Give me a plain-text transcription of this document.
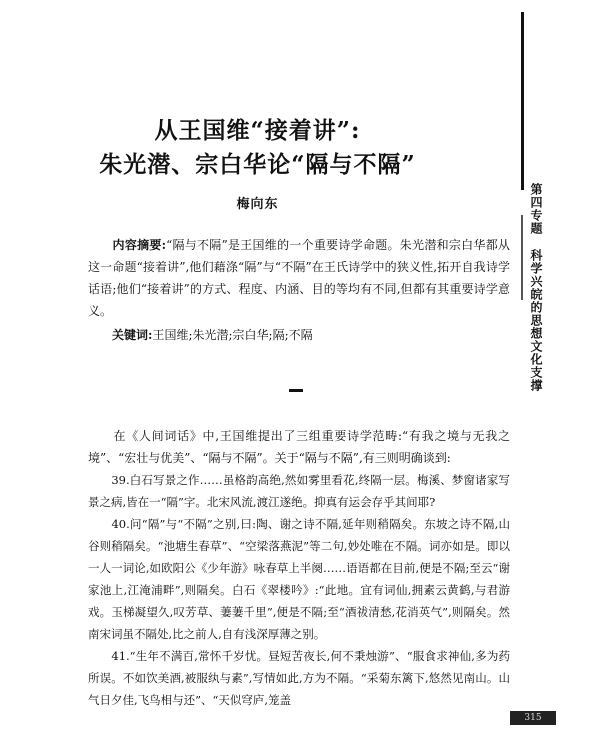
第四专题科学兴皖的思想文化支撑
从王国维“接着讲”:
朱光潜、宗白华论“隔与不隔”
梅向东

　　内容摘要:“隔与不隔”是王国维的一个重要诗学命题。朱光潜和宗白华都从这一命题“接着讲”,他们藉涤“隔”与“不隔”在王氏诗学中的狭义性,拓开自我诗学话语;他们“接着讲”的方式、程度、内涵、目的等均有不同,但都有其重要诗学意义。

　　关键词:王国维;朱光潜;宗白华;隔;不隔

　　在《人间词话》中,王国维提出了三组重要诗学范畴:“有我之境与无我之境”、“宏壮与优美”、“隔与不隔”。关于“隔与不隔”,有三则明确谈到:

　　39.白石写景之作……虽格韵高绝,然如雾里看花,终隔一层。梅溪、梦窗诸家写景之病,皆在一“隔”字。北宋风流,渡江遂绝。抑真有运会存乎其间耶?

　　40.问“隔”与“不隔”之别,曰:陶、谢之诗不隔,延年则稍隔矣。东坡之诗不隔,山谷则稍隔矣。“池塘生春草”、“空梁落燕泥”等二句,妙处唯在不隔。词亦如是。即以一人一词论,如欧阳公《少年游》咏春草上半阕……语语都在目前,便是不隔;至云“谢家池上,江淹浦畔”,则隔矣。白石《翠楼吟》:“此地。宜有词仙,拥素云黄鹤,与君游戏。玉梯凝望久,叹芳草、萋萋千里”,便是不隔;至“酒祓清愁,花消英气”,则隔矣。然南宋词虽不隔处,比之前人,自有浅深厚薄之别。

　　41.“生年不满百,常怀千岁忧。昼短苦夜长,何不秉烛游”、“服食求神仙,多为药所误。不如饮美酒,被服纨与素”,写情如此,方为不隔。“采菊东篱下,悠然见南山。山气日夕佳,飞鸟相与还”、“天似穹庐,笼盖

315
